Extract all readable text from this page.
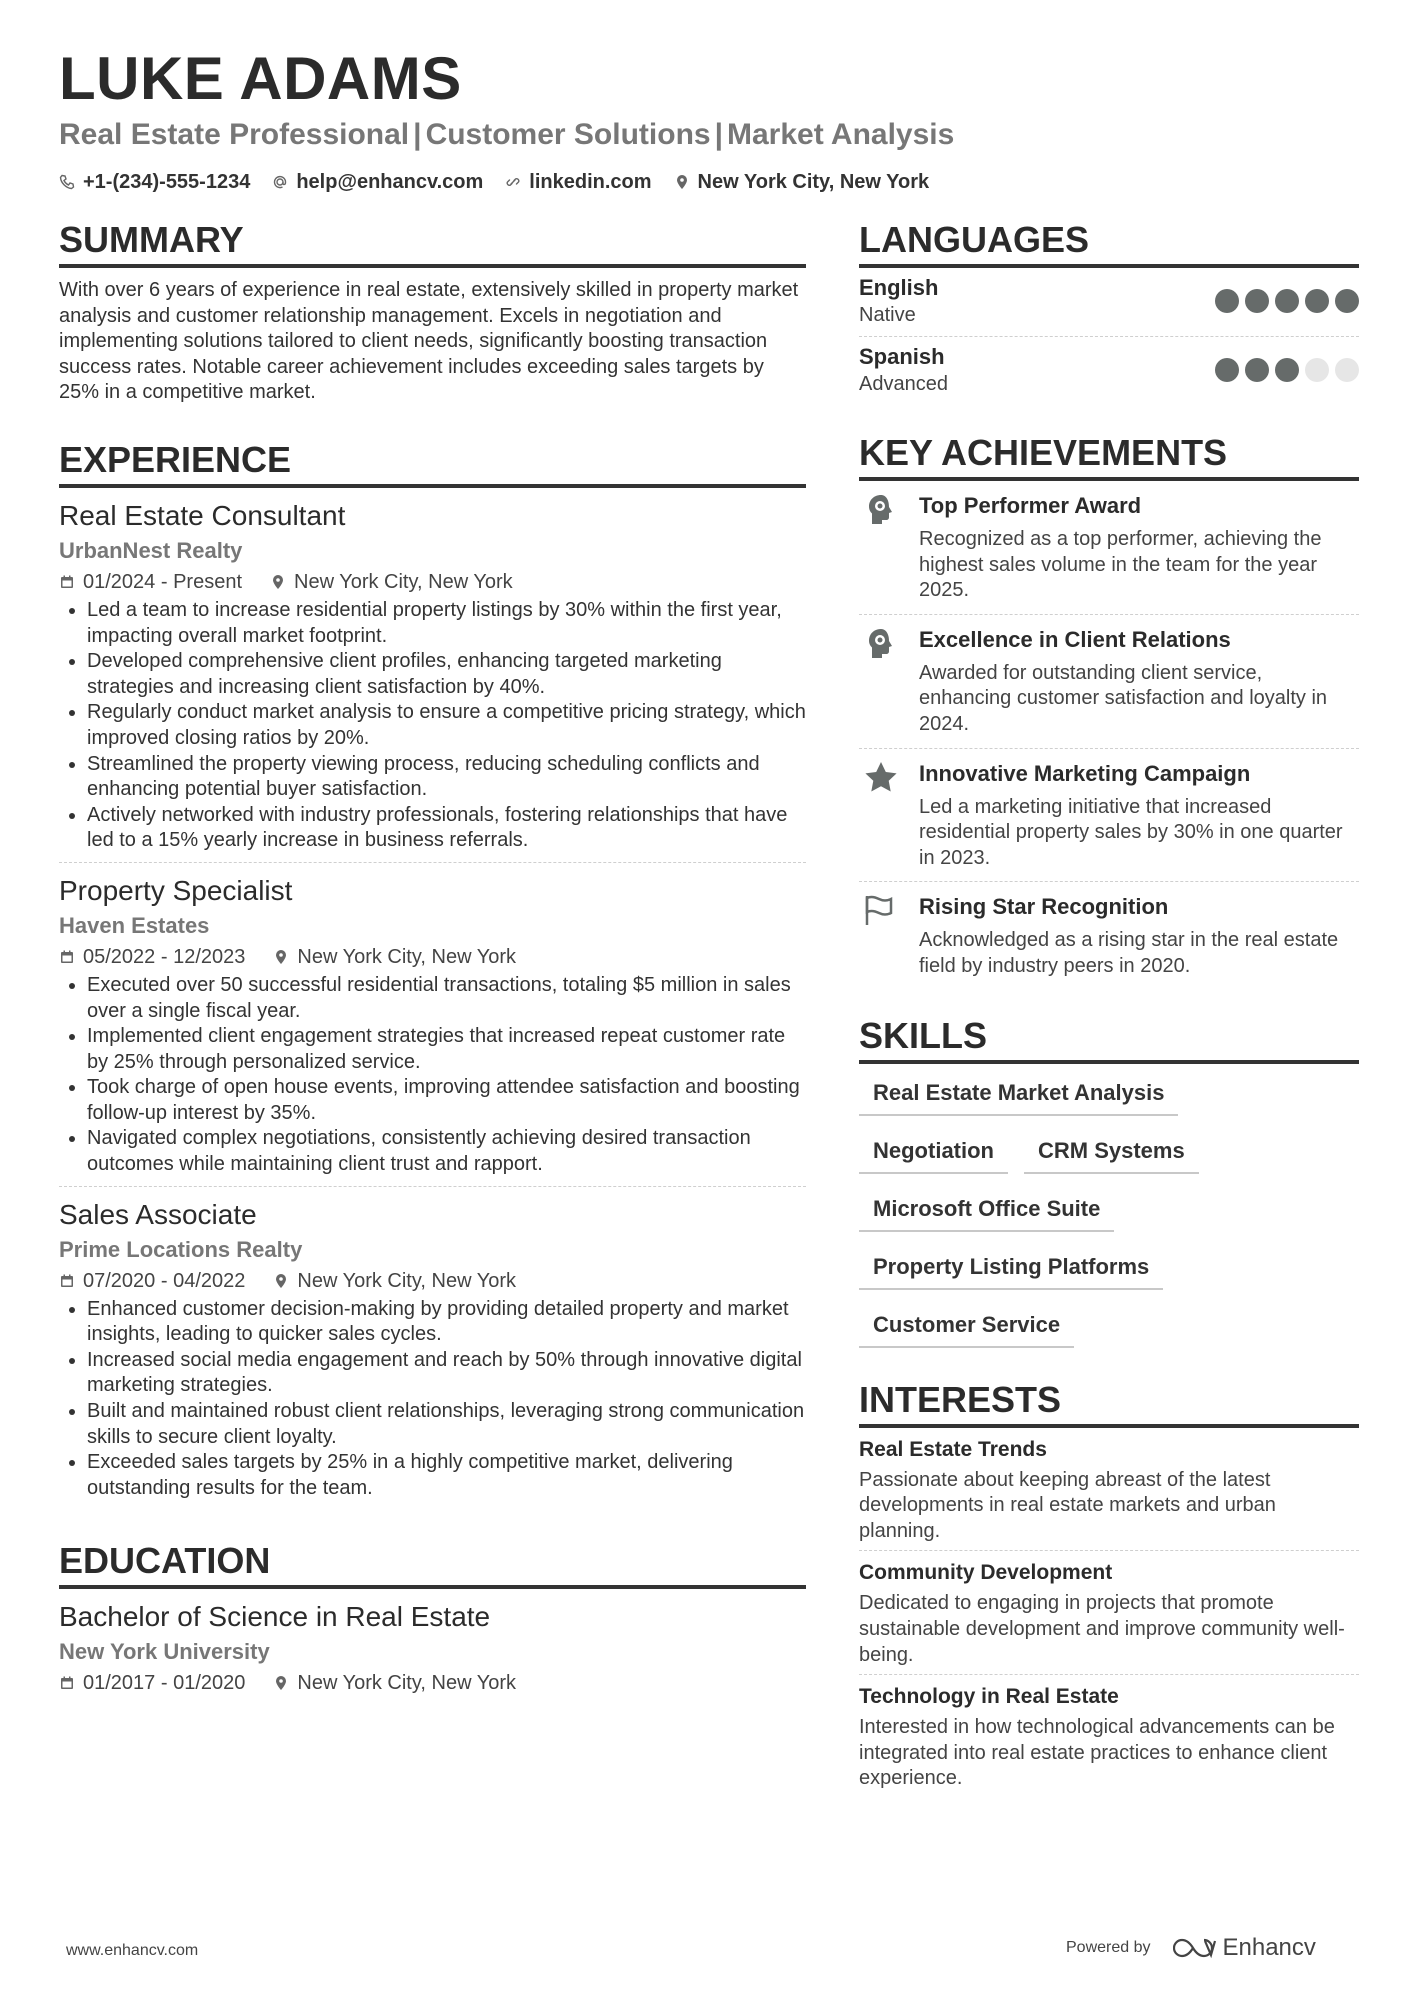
LUKE ADAMS
Real Estate Professional | Customer Solutions | Market Analysis
+1-(234)-555-1234 help@enhancv.com linkedin.com New York City, New York
SUMMARY
With over 6 years of experience in real estate, extensively skilled in property market analysis and customer relationship management. Excels in negotiation and implementing solutions tailored to client needs, significantly boosting transaction success rates. Notable career achievement includes exceeding sales targets by 25% in a competitive market.
EXPERIENCE
Real Estate Consultant
UrbanNest Realty
01/2024 - Present	New York City, New York
• Led a team to increase residential property listings by 30% within the first year, impacting overall market footprint.
• Developed comprehensive client profiles, enhancing targeted marketing strategies and increasing client satisfaction by 40%.
• Regularly conduct market analysis to ensure a competitive pricing strategy, which improved closing ratios by 20%.
• Streamlined the property viewing process, reducing scheduling conflicts and enhancing potential buyer satisfaction.
• Actively networked with industry professionals, fostering relationships that have led to a 15% yearly increase in business referrals.
Property Specialist
Haven Estates
05/2022 - 12/2023	New York City, New York
• Executed over 50 successful residential transactions, totaling $5 million in sales over a single fiscal year.
• Implemented client engagement strategies that increased repeat customer rate by 25% through personalized service.
• Took charge of open house events, improving attendee satisfaction and boosting follow-up interest by 35%.
• Navigated complex negotiations, consistently achieving desired transaction outcomes while maintaining client trust and rapport.
Sales Associate
Prime Locations Realty
07/2020 - 04/2022	New York City, New York
• Enhanced customer decision-making by providing detailed property and market insights, leading to quicker sales cycles.
• Increased social media engagement and reach by 50% through innovative digital marketing strategies.
• Built and maintained robust client relationships, leveraging strong communication skills to secure client loyalty.
• Exceeded sales targets by 25% in a highly competitive market, delivering outstanding results for the team.
EDUCATION
Bachelor of Science in Real Estate
New York University
01/2017 - 01/2020	New York City, New York
LANGUAGES
English
Native
Spanish
Advanced
KEY ACHIEVEMENTS
Top Performer Award
Recognized as a top performer, achieving the highest sales volume in the team for the year 2025.
Excellence in Client Relations
Awarded for outstanding client service, enhancing customer satisfaction and loyalty in 2024.
Innovative Marketing Campaign
Led a marketing initiative that increased residential property sales by 30% in one quarter in 2023.
Rising Star Recognition
Acknowledged as a rising star in the real estate field by industry peers in 2020.
SKILLS
Real Estate Market Analysis
Negotiation	CRM Systems
Microsoft Office Suite
Property Listing Platforms
Customer Service
INTERESTS
Real Estate Trends
Passionate about keeping abreast of the latest developments in real estate markets and urban planning.
Community Development
Dedicated to engaging in projects that promote sustainable development and improve community well-being.
Technology in Real Estate
Interested in how technological advancements can be integrated into real estate practices to enhance client experience.
www.enhancv.com	Powered by	Enhancv
